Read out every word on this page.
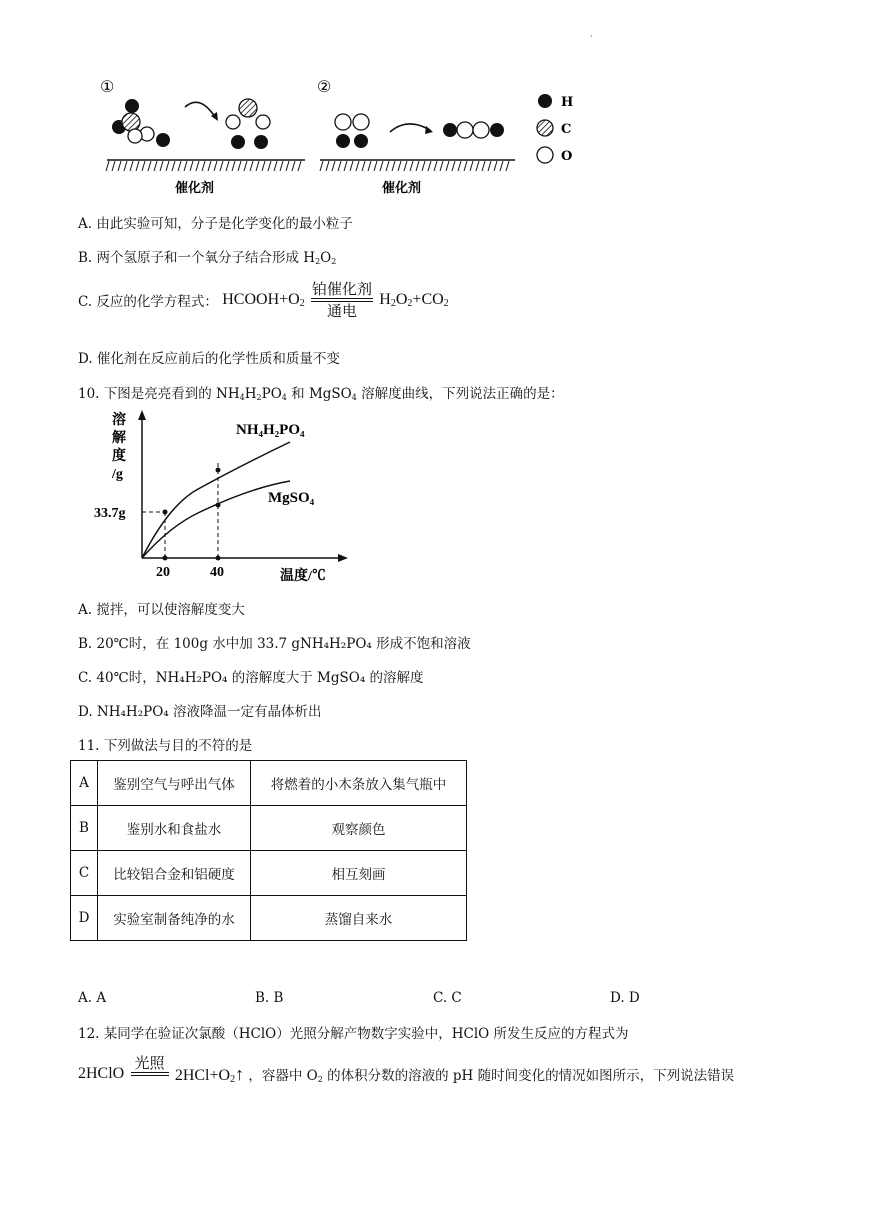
·
①	②
催化剂	催化剂
H
C
O
A. 由此实验可知，分子是化学变化的最小粒子
B. 两个氢原子和一个氧分子结合形成 $H_2O_2$
C. 反应的化学方程式： $HCOOH+O_2$
铂催化剂
通电
$H_2O_2+CO_2$
D. 催化剂在反应前后的化学性质和质量不变
10. 下图是亮亮看到的 $NH_4H_2PO_4$ 和 MgSO$_4$ 溶解度曲线，下列说法正确的是：
溶
解
度
/g
33.7g
20	40	温度/℃
NH₄H₂PO₄
MgSO₄
A. 搅拌，可以使溶解度变大
B. 20℃时，在 100g 水中加 33.7 gNH₄H₂PO₄ 形成不饱和溶液
C. 40℃时，NH₄H₂PO₄ 的溶解度大于 MgSO₄ 的溶解度
D. NH₄H₂PO₄ 溶液降温一定有晶体析出
11. 下列做法与目的不符的是
A	鉴别空气与呼出气体	将燃着的小木条放入集气瓶中
B	鉴别水和食盐水	观察颜色
C	比较铝合金和铝硬度	相互刻画
D	实验室制备纯净的水	蒸馏自来水
A. A	B. B	C. C	D. D
12. 某同学在验证次氯酸（HClO）光照分解产物数字实验中，HClO 所发生反应的方程式为
2HClO
光照

$2HCl+O_2↑$ ，容器中 $O_2$ 的体积分数的溶液的 pH 随时间变化的情况如图所示，下列说法错误
